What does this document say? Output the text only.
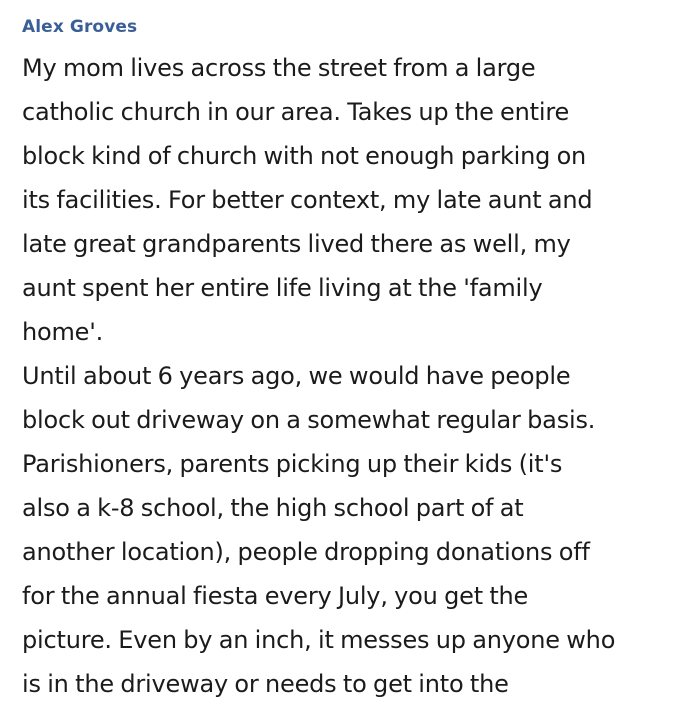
Alex Groves
My mom lives across the street from a large
catholic church in our area. Takes up the entire
block kind of church with not enough parking on
its facilities. For better context, my late aunt and
late great grandparents lived there as well, my
aunt spent her entire life living at the 'family
home'.
Until about 6 years ago, we would have people
block out driveway on a somewhat regular basis.
Parishioners, parents picking up their kids (it's
also a k-8 school, the high school part of at
another location), people dropping donations off
for the annual fiesta every July, you get the
picture. Even by an inch, it messes up anyone who
is in the driveway or needs to get into the
